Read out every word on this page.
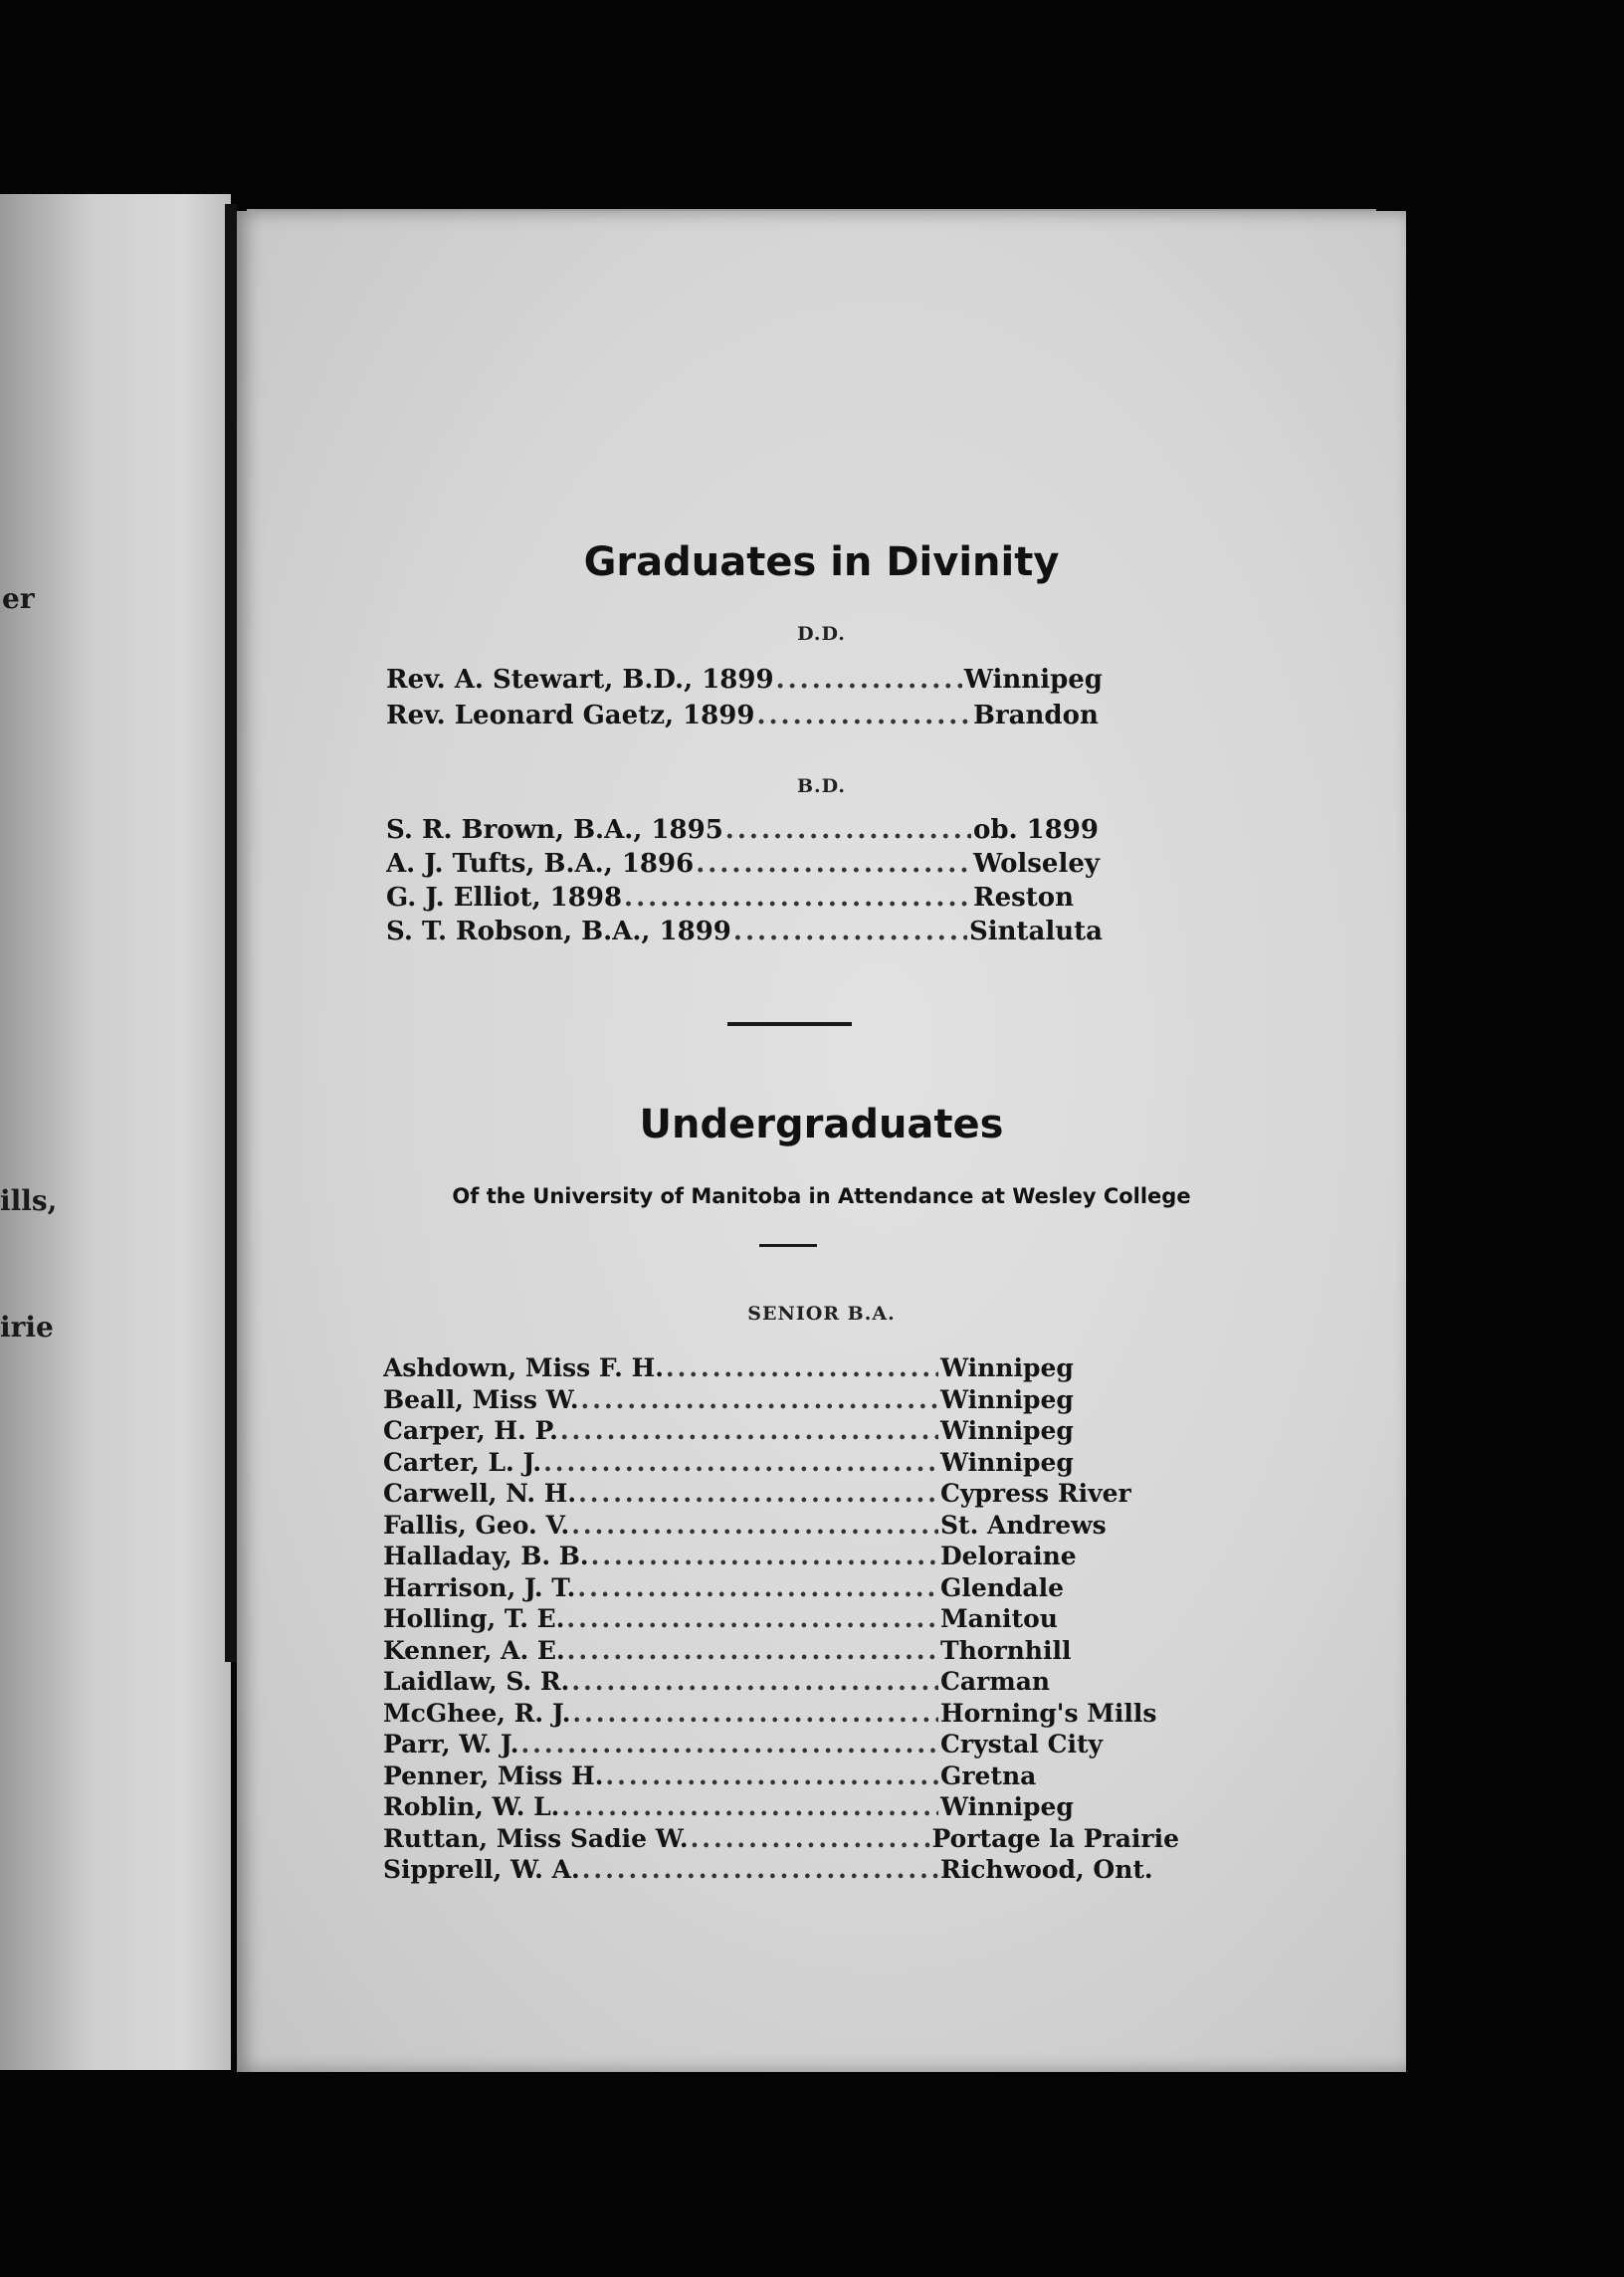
er
ills,
irie
Graduates in Divinity
D.D.
Rev. A. Stewart, B.D., 1899 .....	Winnipeg
Rev. Leonard Gaetz, 1899 .....	Brandon
B.D.
S. R. Brown, B.A., 1895 .....	ob. 1899
A. J. Tufts, B.A., 1896 .....	Wolseley
G. J. Elliot, 1898 .....	Reston
S. T. Robson, B.A., 1899 .....	Sintaluta
Undergraduates
Of the University of Manitoba in Attendance at Wesley College
SENIOR B.A.
Ashdown, Miss F. H. .....	Winnipeg
Beall, Miss W. .....	Winnipeg
Carper, H. P. .....	Winnipeg
Carter, L. J. .....	Winnipeg
Carwell, N. H. .....	Cypress River
Fallis, Geo. V. .....	St. Andrews
Halladay, B. B. .....	Deloraine
Harrison, J. T. .....	Glendale
Holling, T. E. .....	Manitou
Kenner, A. E. .....	Thornhill
Laidlaw, S. R. .....	Carman
McGhee, R. J. .....	Horning's Mills
Parr, W. J. .....	Crystal City
Penner, Miss H. .....	Gretna
Roblin, W. L. .....	Winnipeg
Ruttan, Miss Sadie W. .....	Portage la Prairie
Sipprell, W. A. .....	Richwood, Ont.
